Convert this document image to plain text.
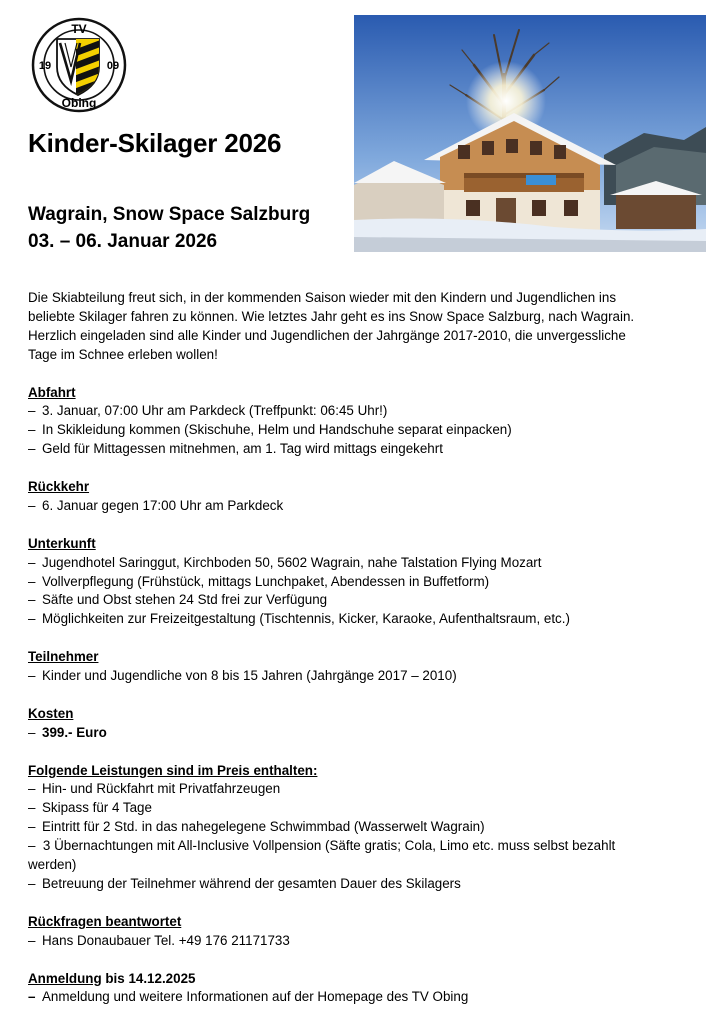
TV
19	09
Obing
Kinder-Skilager 2026
Wagrain, Snow Space Salzburg
03. – 06. Januar 2026

Die Skiabteilung freut sich, in der kommenden Saison wieder mit den Kindern und Jugendlichen ins beliebte Skilager fahren zu können. Wie letztes Jahr geht es ins Snow Space Salzburg, nach Wagrain. Herzlich eingeladen sind alle Kinder und Jugendlichen der Jahrgänge 2017-2010, die unvergessliche Tage im Schnee erleben wollen!

Abfahrt
– 3. Januar, 07:00 Uhr am Parkdeck (Treffpunkt: 06:45 Uhr!)
– In Skikleidung kommen (Skischuhe, Helm und Handschuhe separat einpacken)
– Geld für Mittagessen mitnehmen, am 1. Tag wird mittags eingekehrt
Rückkehr
– 6. Januar gegen 17:00 Uhr am Parkdeck
Unterkunft
– Jugendhotel Saringgut, Kirchboden 50, 5602 Wagrain, nahe Talstation Flying Mozart
– Vollverpflegung (Frühstück, mittags Lunchpaket, Abendessen in Buffetform)
– Säfte und Obst stehen 24 Std frei zur Verfügung
– Möglichkeiten zur Freizeitgestaltung (Tischtennis, Kicker, Karaoke, Aufenthaltsraum, etc.)
Teilnehmer
– Kinder und Jugendliche von 8 bis 15 Jahren (Jahrgänge 2017 – 2010)
Kosten
– 399.- Euro
Folgende Leistungen sind im Preis enthalten:
– Hin- und Rückfahrt mit Privatfahrzeugen
– Skipass für 4 Tage
– Eintritt für 2 Std. in das nahegelegene Schwimmbad (Wasserwelt Wagrain)
– 3 Übernachtungen mit All-Inclusive Vollpension (Säfte gratis; Cola, Limo etc. muss selbst bezahlt werden)
– Betreuung der Teilnehmer während der gesamten Dauer des Skilagers
Rückfragen beantwortet
– Hans Donaubauer Tel. +49 176 21171733
Anmeldung bis 14.12.2025
– Anmeldung und weitere Informationen auf der Homepage des TV Obing
